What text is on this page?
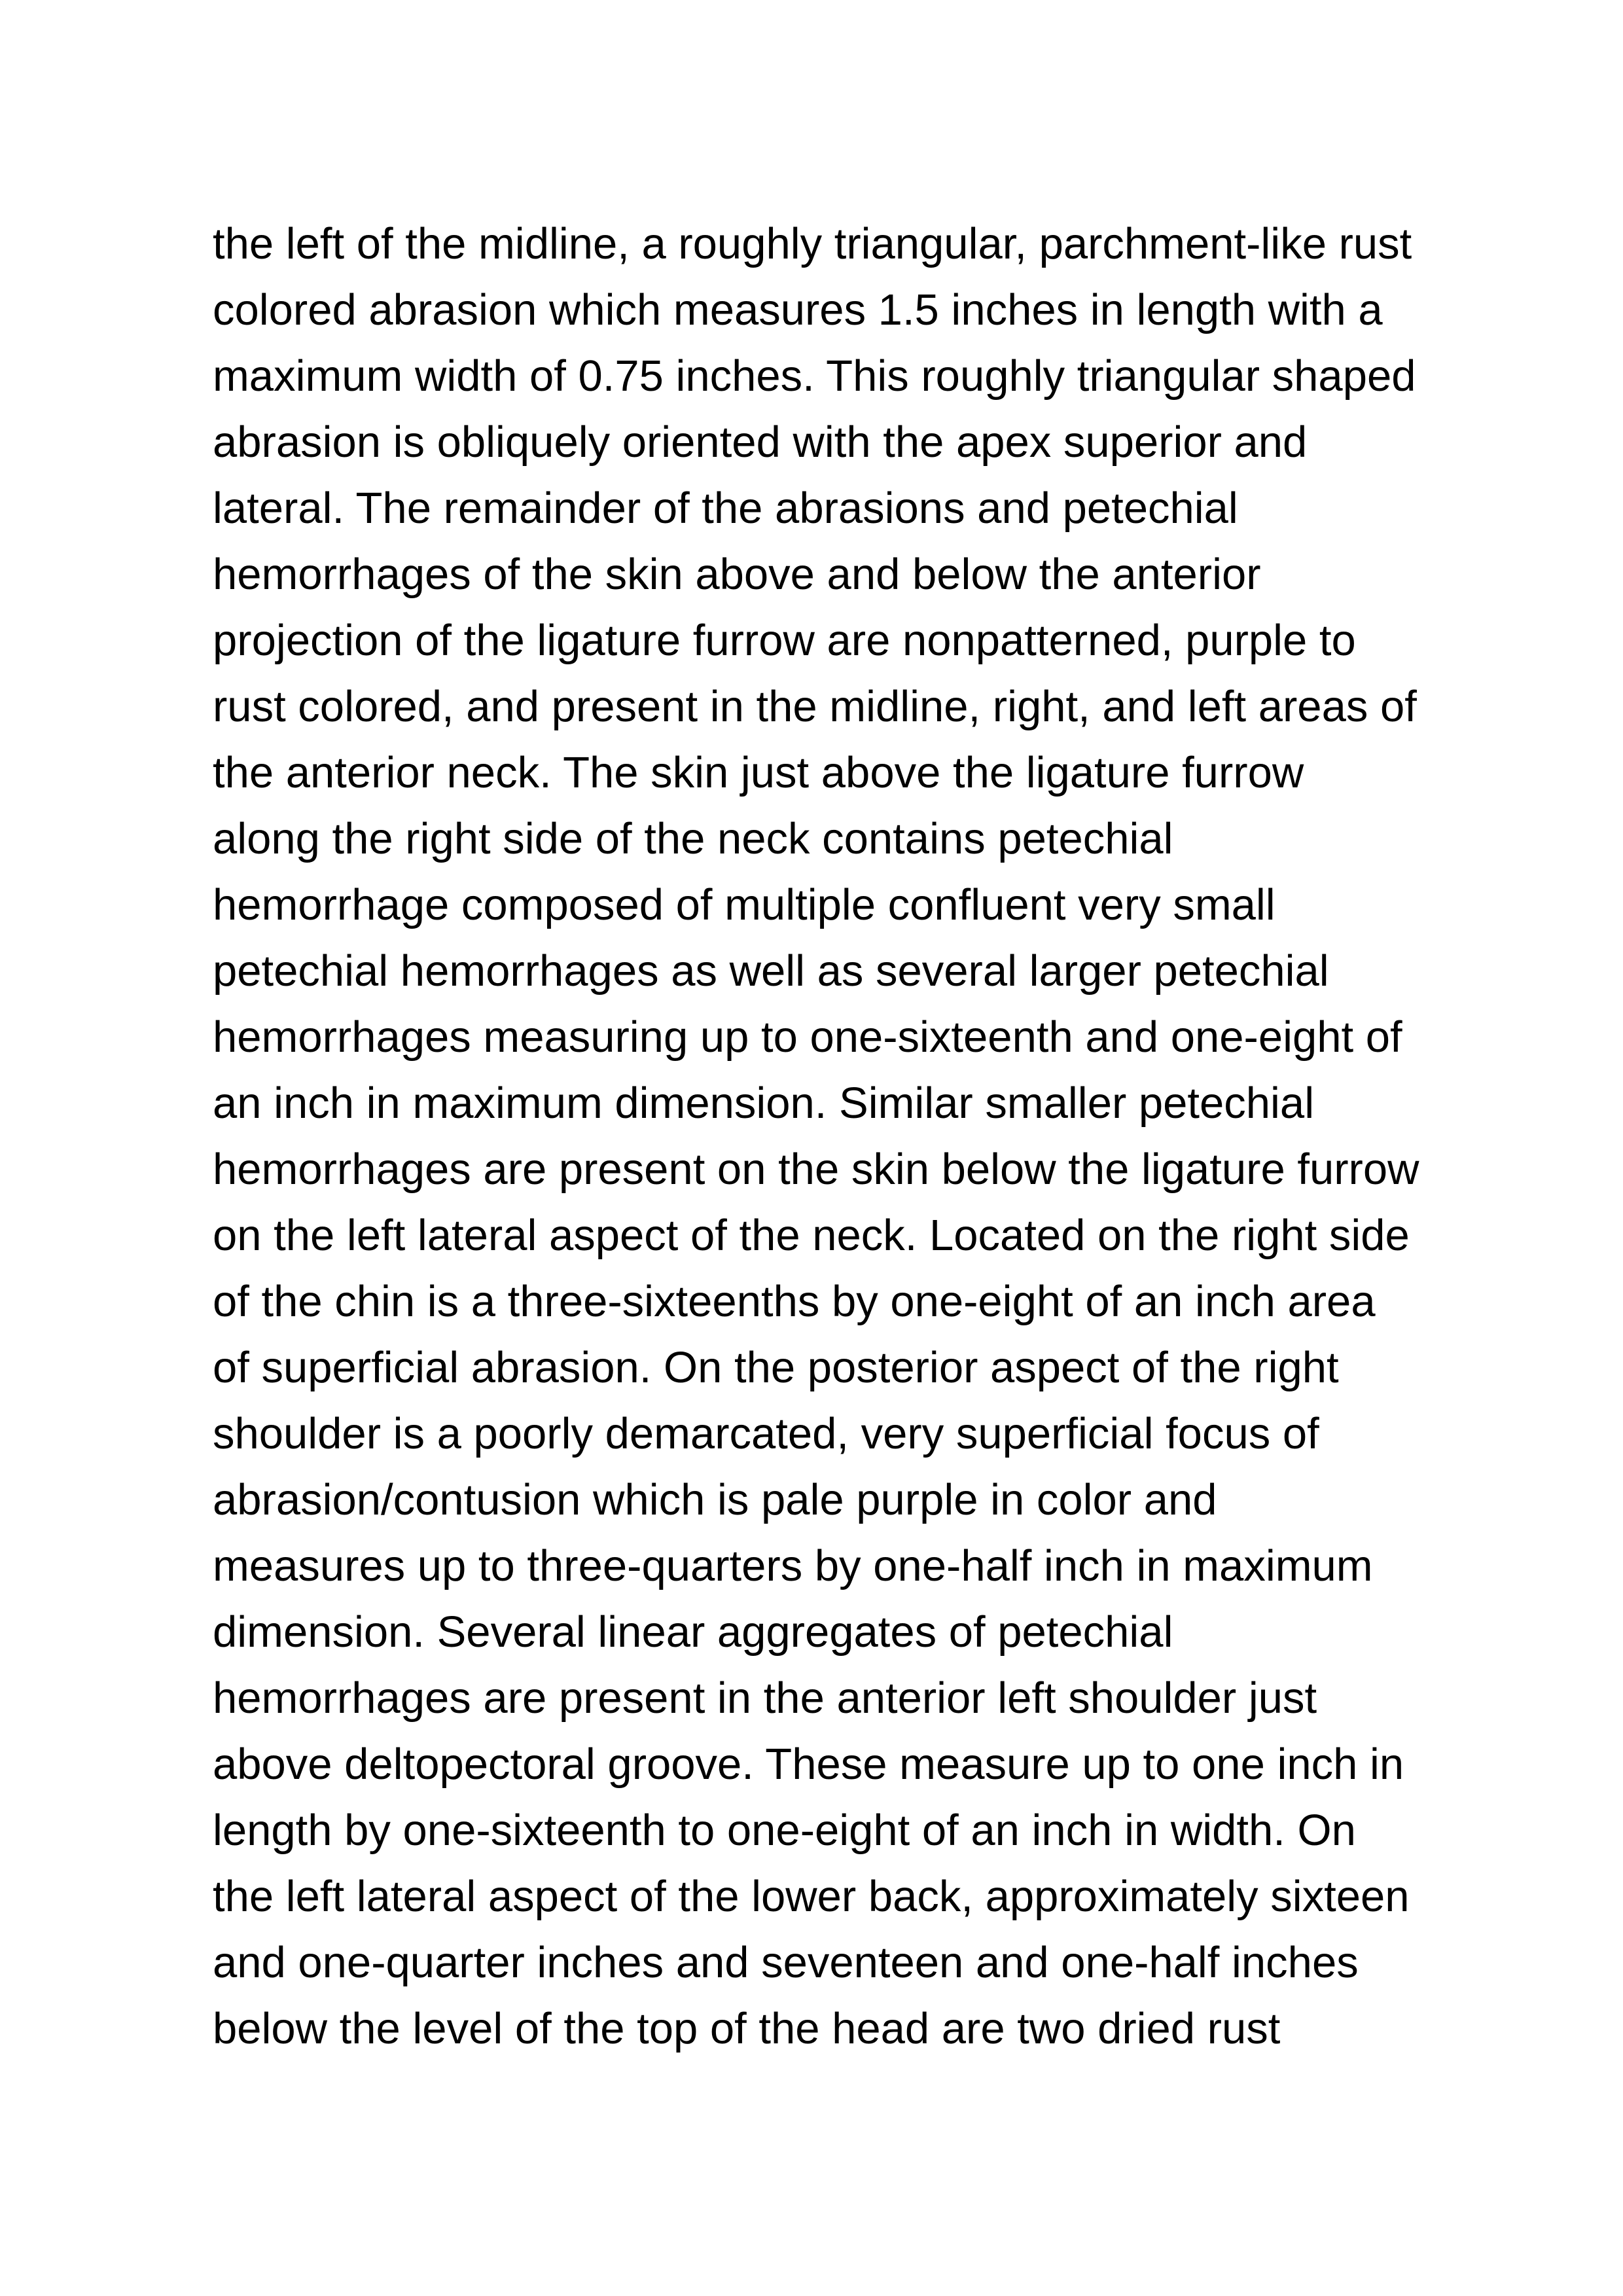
the left of the midline, a roughly triangular, parchment-like rust
colored abrasion which measures 1.5 inches in length with a
maximum width of 0.75 inches. This roughly triangular shaped
abrasion is obliquely oriented with the apex superior and
lateral. The remainder of the abrasions and petechial
hemorrhages of the skin above and below the anterior
projection of the ligature furrow are nonpatterned, purple to
rust colored, and present in the midline, right, and left areas of
the anterior neck. The skin just above the ligature furrow
along the right side of the neck contains petechial
hemorrhage composed of multiple confluent very small
petechial hemorrhages as well as several larger petechial
hemorrhages measuring up to one-sixteenth and one-eight of
an inch in maximum dimension. Similar smaller petechial
hemorrhages are present on the skin below the ligature furrow
on the left lateral aspect of the neck. Located on the right side
of the chin is a three-sixteenths by one-eight of an inch area
of superficial abrasion. On the posterior aspect of the right
shoulder is a poorly demarcated, very superficial focus of
abrasion/contusion which is pale purple in color and
measures up to three-quarters by one-half inch in maximum
dimension. Several linear aggregates of petechial
hemorrhages are present in the anterior left shoulder just
above deltopectoral groove. These measure up to one inch in
length by one-sixteenth to one-eight of an inch in width. On
the left lateral aspect of the lower back, approximately sixteen
and one-quarter inches and seventeen and one-half inches
below the level of the top of the head are two dried rust
